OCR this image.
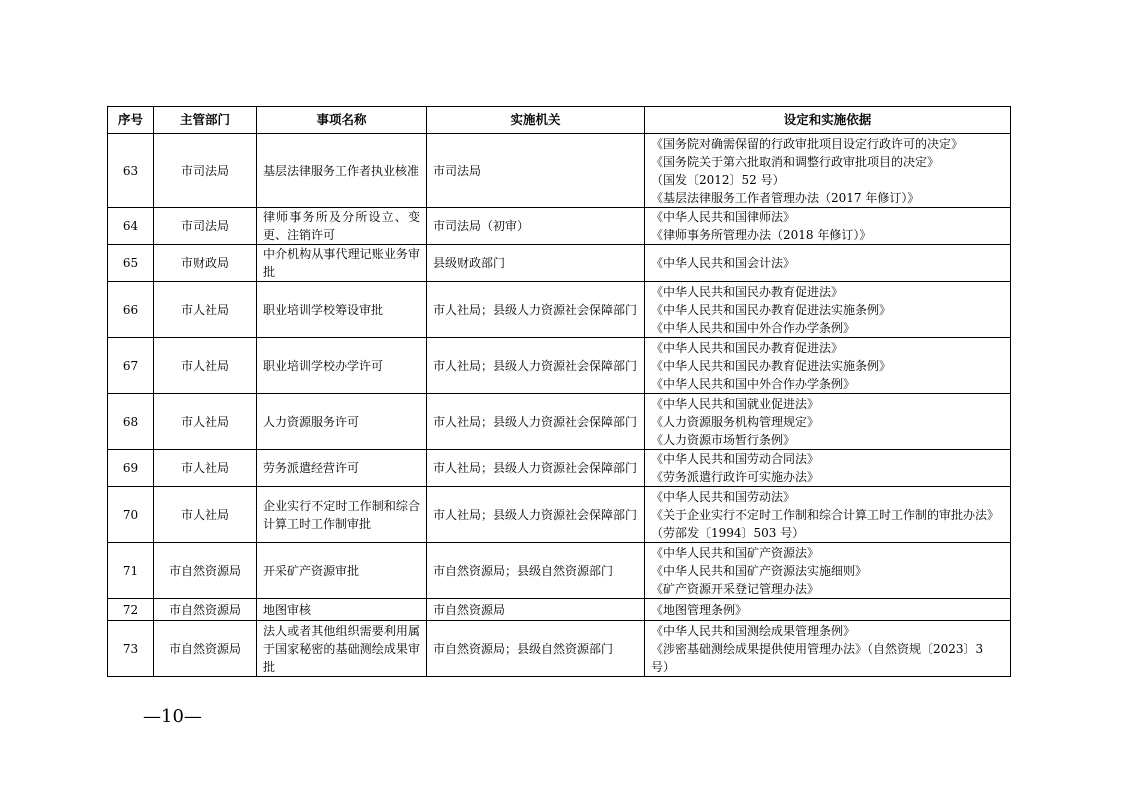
序号	主管部门	事项名称	实施机关	设定和实施依据
63	市司法局	基层法律服务工作者执业核准	市司法局	《国务院对确需保留的行政审批项目设定行政许可的决定》
《国务院关于第六批取消和调整行政审批项目的决定》
（国发〔2012〕52 号）
《基层法律服务工作者管理办法（2017 年修订）》

64	市司法局	律师事务所及分所设立、变更、注销许可	市司法局（初审）	《中华人民共和国律师法》
《律师事务所管理办法（2018 年修订）》

65	市财政局	中介机构从事代理记账业务审批	县级财政部门	《中华人民共和国会计法》

66	市人社局	职业培训学校筹设审批	市人社局；县级人力资源社会保障部门	《中华人民共和国民办教育促进法》
《中华人民共和国民办教育促进法实施条例》
《中华人民共和国中外合作办学条例》

67	市人社局	职业培训学校办学许可	市人社局；县级人力资源社会保障部门	《中华人民共和国民办教育促进法》
《中华人民共和国民办教育促进法实施条例》
《中华人民共和国中外合作办学条例》

68	市人社局	人力资源服务许可	市人社局；县级人力资源社会保障部门	《中华人民共和国就业促进法》
《人力资源服务机构管理规定》
《人力资源市场暂行条例》

69	市人社局	劳务派遣经营许可	市人社局；县级人力资源社会保障部门	《中华人民共和国劳动合同法》
《劳务派遣行政许可实施办法》

70	市人社局	企业实行不定时工作制和综合计算工时工作制审批	市人社局；县级人力资源社会保障部门	《中华人民共和国劳动法》
《关于企业实行不定时工作制和综合计算工时工作制的审批办法》（劳部发〔1994〕503 号）

71	市自然资源局	开采矿产资源审批	市自然资源局；县级自然资源部门	《中华人民共和国矿产资源法》
《中华人民共和国矿产资源法实施细则》
《矿产资源开采登记管理办法》

72	市自然资源局	地图审核	市自然资源局	《地图管理条例》

73	市自然资源局	法人或者其他组织需要利用属于国家秘密的基础测绘成果审批	市自然资源局；县级自然资源部门	《中华人民共和国测绘成果管理条例》
《涉密基础测绘成果提供使用管理办法》（自然资规〔2023〕3 号）
—10—
